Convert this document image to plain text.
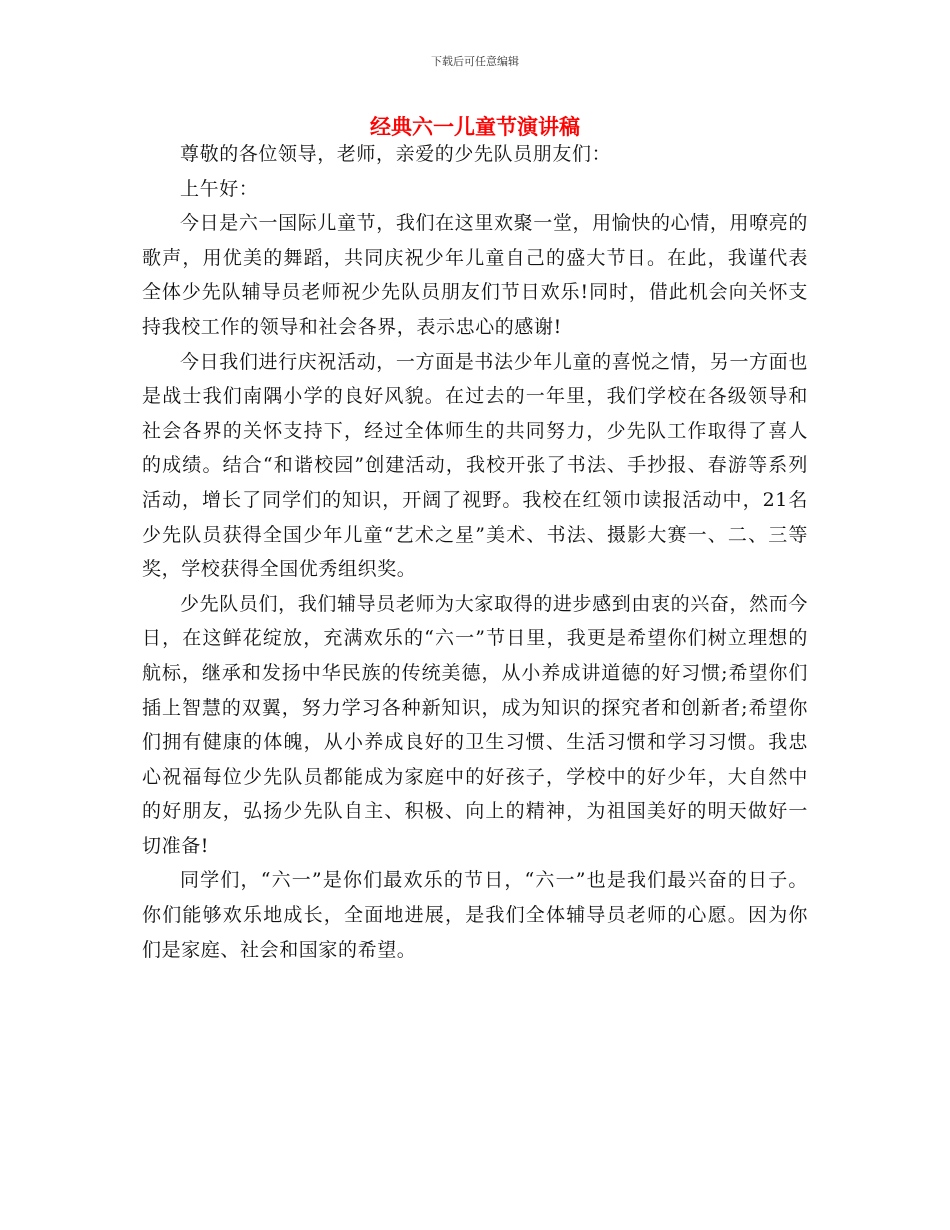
下载后可任意编辑
经典六一儿童节演讲稿

尊敬的各位领导，老师，亲爱的少先队员朋友们：

上午好：

今日是六一国际儿童节，我们在这里欢聚一堂，用愉快的心情，用嘹亮的歌声，用优美的舞蹈，共同庆祝少年儿童自己的盛大节日。在此，我谨代表全体少先队辅导员老师祝少先队员朋友们节日欢乐!同时，借此机会向关怀支持我校工作的领导和社会各界，表示忠心的感谢!

今日我们进行庆祝活动，一方面是书法少年儿童的喜悦之情，另一方面也是战士我们南隅小学的良好风貌。在过去的一年里，我们学校在各级领导和社会各界的关怀支持下，经过全体师生的共同努力，少先队工作取得了喜人的成绩。结合“和谐校园”创建活动，我校开张了书法、手抄报、春游等系列活动，增长了同学们的知识，开阔了视野。我校在红领巾读报活动中，21名少先队员获得全国少年儿童“艺术之星”美术、书法、摄影大赛一、二、三等奖，学校获得全国优秀组织奖。

少先队员们，我们辅导员老师为大家取得的进步感到由衷的兴奋，然而今日，在这鲜花绽放，充满欢乐的“六一”节日里，我更是希望你们树立理想的航标，继承和发扬中华民族的传统美德，从小养成讲道德的好习惯;希望你们插上智慧的双翼，努力学习各种新知识，成为知识的探究者和创新者;希望你们拥有健康的体魄，从小养成良好的卫生习惯、生活习惯和学习习惯。我忠心祝福每位少先队员都能成为家庭中的好孩子，学校中的好少年，大自然中的好朋友，弘扬少先队自主、积极、向上的精神，为祖国美好的明天做好一切准备!

同学们，“六一”是你们最欢乐的节日，“六一”也是我们最兴奋的日子。你们能够欢乐地成长，全面地进展，是我们全体辅导员老师的心愿。因为你们是家庭、社会和国家的希望。
